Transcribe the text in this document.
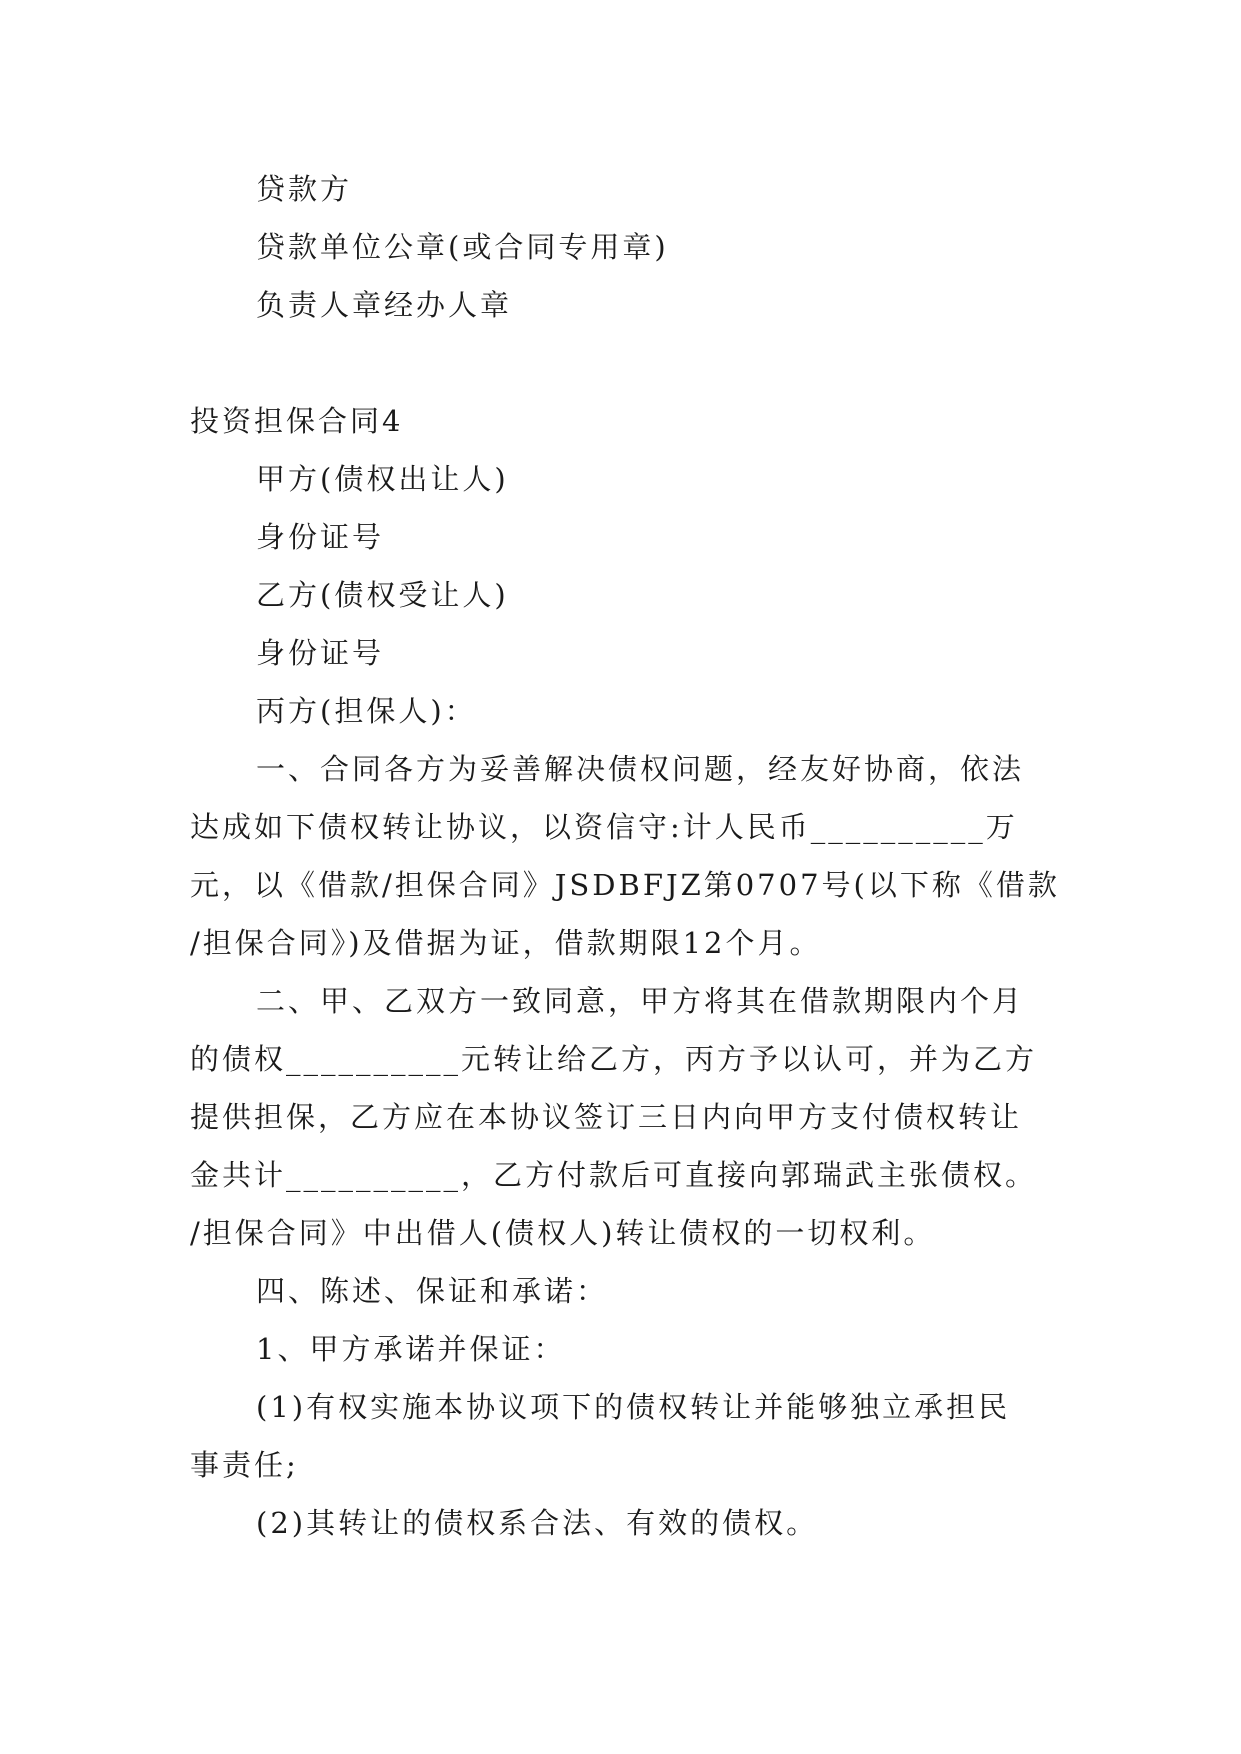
贷款方
贷款单位公章(或合同专用章)
负责人章经办人章
投资担保合同4
甲方(债权出让人)
身份证号
乙方(债权受让人)
身份证号
丙方(担保人)：
一、合同各方为妥善解决债权问题，经友好协商，依法
达成如下债权转让协议，以资信守:计人民币__________万
元，以《借款/担保合同》JSDBFJZ第0707号(以下称《借款
/担保合同》)及借据为证，借款期限12个月。
二、甲、乙双方一致同意，甲方将其在借款期限内个月
的债权__________元转让给乙方，丙方予以认可，并为乙方
提供担保，乙方应在本协议签订三日内向甲方支付债权转让
金共计__________，乙方付款后可直接向郭瑞武主张债权。
/担保合同》中出借人(债权人)转让债权的一切权利。
四、陈述、保证和承诺：
1、甲方承诺并保证：
(1)有权实施本协议项下的债权转让并能够独立承担民
事责任;
(2)其转让的债权系合法、有效的债权。
